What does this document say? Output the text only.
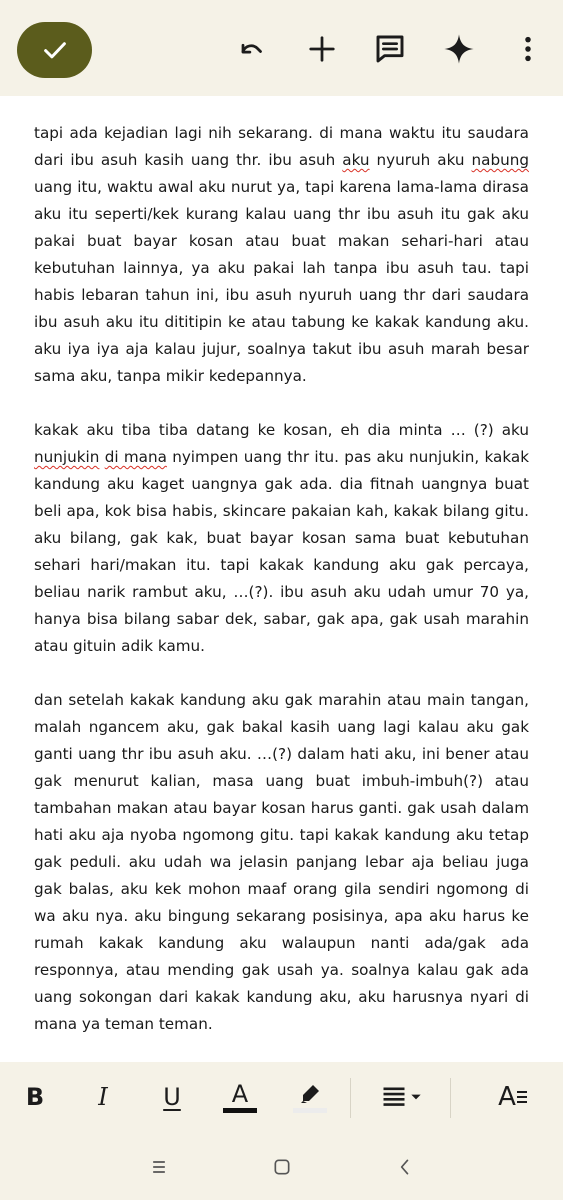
tapi ada kejadian lagi nih sekarang. di mana waktu itu saudara dari ibu asuh kasih uang thr. ibu asuh aku nyuruh aku nabung uang itu, waktu awal aku nurut ya, tapi karena lama-lama dirasa aku itu seperti/kek kurang kalau uang thr ibu asuh itu gak aku pakai buat bayar kosan atau buat makan sehari-hari atau kebutuhan lainnya, ya aku pakai lah tanpa ibu asuh tau. tapi habis lebaran tahun ini, ibu asuh nyuruh uang thr dari saudara ibu asuh aku itu dititipin ke atau tabung ke kakak kandung aku. aku iya iya aja kalau jujur, soalnya takut ibu asuh marah besar sama aku, tanpa mikir kedepannya.

kakak aku tiba tiba datang ke kosan, eh dia minta … (?) aku nunjukin di mana nyimpen uang thr itu. pas aku nunjukin, kakak kandung aku kaget uangnya gak ada. dia fitnah uangnya buat beli apa, kok bisa habis, skincare pakaian kah, kakak bilang gitu. aku bilang, gak kak, buat bayar kosan sama buat kebutuhan sehari hari/makan itu. tapi kakak kandung aku gak percaya, beliau narik rambut aku, …(?). ibu asuh aku udah umur 70 ya, hanya bisa bilang sabar dek, sabar, gak apa, gak usah marahin atau gituin adik kamu.

dan setelah kakak kandung aku gak marahin atau main tangan, malah ngancem aku, gak bakal kasih uang lagi kalau aku gak ganti uang thr ibu asuh aku. …(?) dalam hati aku, ini bener atau gak menurut kalian, masa uang buat imbuh-imbuh(?) atau tambahan makan atau bayar kosan harus ganti. gak usah dalam hati aku aja nyoba ngomong gitu. tapi kakak kandung aku tetap gak peduli. aku udah wa jelasin panjang lebar aja beliau juga gak balas, aku kek mohon maaf orang gila sendiri ngomong di wa aku nya. aku bingung sekarang posisinya, apa aku harus ke rumah kakak kandung aku walaupun nanti ada/gak ada responnya, atau mending gak usah ya. soalnya kalau gak ada uang sokongan dari kakak kandung aku, aku harusnya nyari di mana ya teman teman.

B I U A	A
